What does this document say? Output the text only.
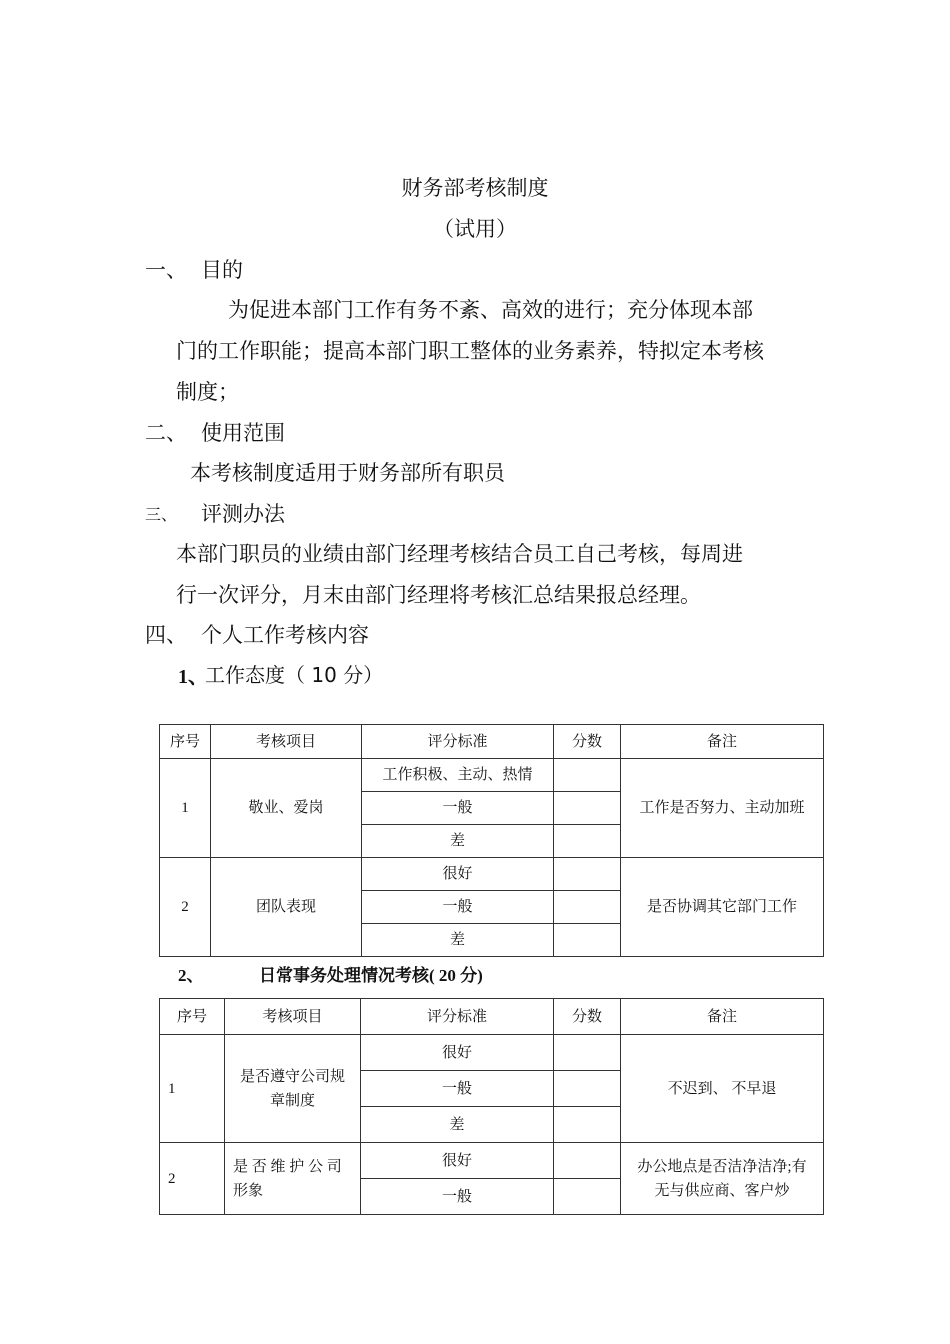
财务部考核制度
（试用）
一、 目的
为促进本部门工作有务不紊、高效的进行；充分体现本部
门的工作职能；提高本部门职工整体的业务素养，特拟定本考核
制度；
二、 使用范围
本考核制度适用于财务部所有职员
三、 评测办法
本部门职员的业绩由部门经理考核结合员工自己考核，每周进
行一次评分，月末由部门经理将考核汇总结果报总经理。
四、 个人工作考核内容
1、
工作态度（ 10 分）
序号	考核项目	评分标准	分数	备注
1	敬业、爱岗	工作积极、主动、热情		工作是否努力、主动加班
		一般		
		差		
2	团队表现	很好		是否协调其它部门工作
		一般		
		差		
2、	日常事务处理情况考核( 20 分)
序号	考核项目	评分标准	分数	备注
1	是否遵守公司规章制度	很好		不迟到、 不早退
		一般		
		差		
2	是 否 维 护 公 司 形象	很好		办公地点是否洁净洁净;有无与供应商、客户炒
		一般		
